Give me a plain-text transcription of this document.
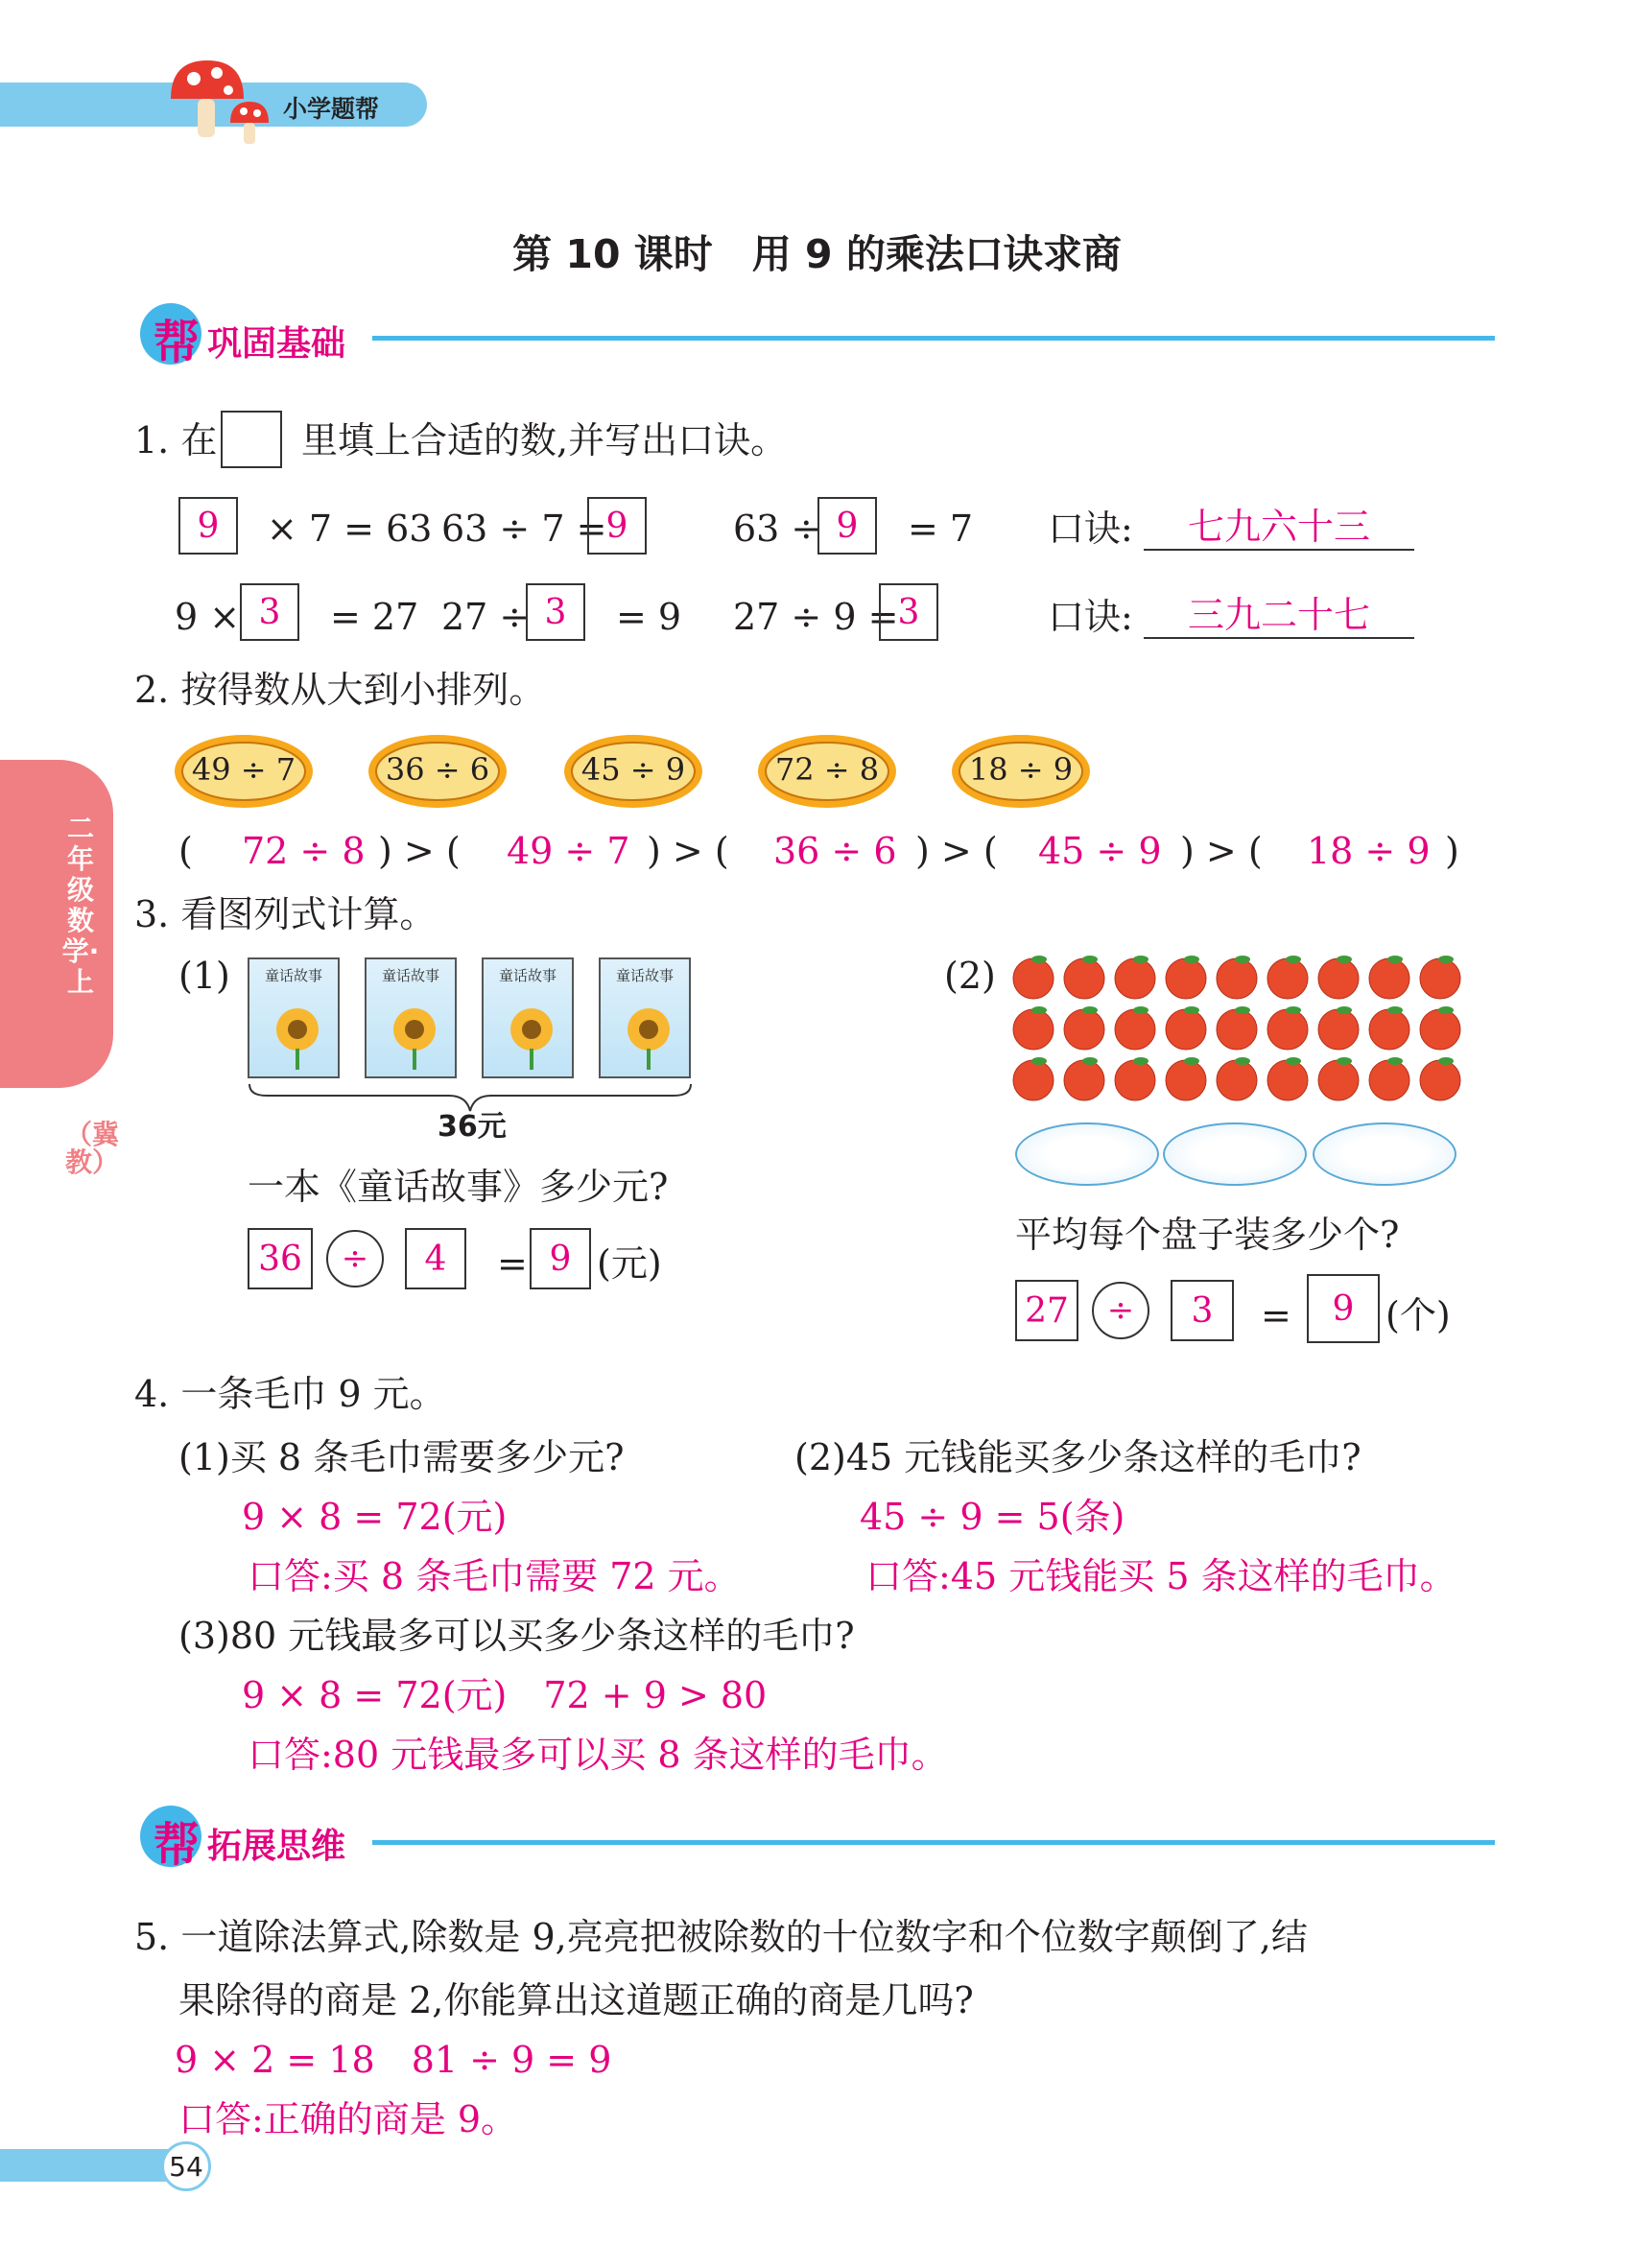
小学题帮
第 10 课时　用 9 的乘法口诀求商
帮 巩固基础
二年级数学·上
（冀教）
1. 在 里填上合适的数,并写出口诀。
9	× 7 = 63 63 ÷ 7 = 9	63 ÷ 9	= 7 口诀: 七九六十三
9 × 3	= 27 27 ÷ 3	= 9 27 ÷ 9 = 3	口诀: 三九二十七
2. 按得数从大到小排列。
49 ÷ 7	36 ÷ 6	45 ÷ 9	72 ÷ 8	18 ÷ 9
( 72 ÷ 8 ) > ( 49 ÷ 7 ) > ( 36 ÷ 6 ) > ( 45 ÷ 9 ) > ( 18 ÷ 9 )
3. 看图列式计算。
(1)	童话故事	童话故事	童话故事	童话故事
36元
一本《童话故事》多少元?
36	÷	4	= 9 (元)
(2)
平均每个盘子装多少个?
27	÷	3	=	9 (个)
4. 一条毛巾 9 元。
(1)买 8 条毛巾需要多少元?
9 × 8 = 72(元)
口答:买 8 条毛巾需要 72 元。
(2)45 元钱能买多少条这样的毛巾?
45 ÷ 9 = 5(条)
口答:45 元钱能买 5 条这样的毛巾。
(3)80 元钱最多可以买多少条这样的毛巾?
9 × 8 = 72(元)　72 + 9 > 80
口答:80 元钱最多可以买 8 条这样的毛巾。
帮 拓展思维
5. 一道除法算式,除数是 9,亮亮把被除数的十位数字和个位数字颠倒了,结
果除得的商是 2,你能算出这道题正确的商是几吗?
9 × 2 = 18　81 ÷ 9 = 9
口答:正确的商是 9。
54
